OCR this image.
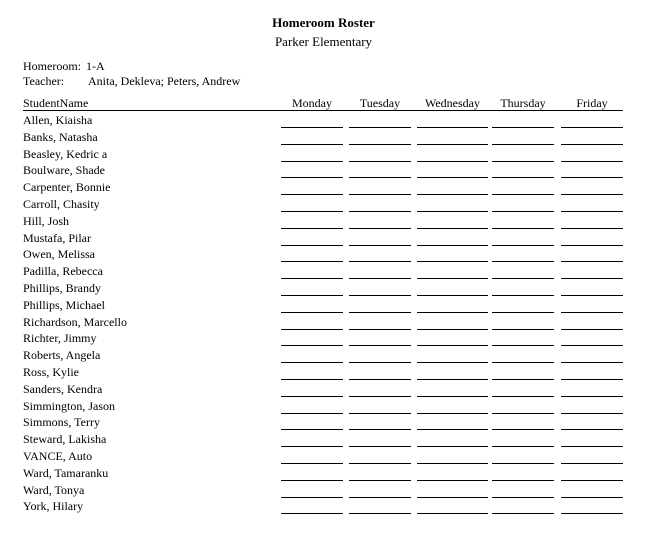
Homeroom Roster
Parker Elementary
Homeroom: 1-A
Teacher: Anita, Dekleva; Peters, Andrew
StudentName	Monday	Tuesday	Wednesday	Thursday	Friday
Allen, Kiaisha
Banks, Natasha
Beasley, Kedric a
Boulware, Shade
Carpenter, Bonnie
Carroll, Chasity
Hill, Josh
Mustafa, Pilar
Owen, Melissa
Padilla, Rebecca
Phillips, Brandy
Phillips, Michael
Richardson, Marcello
Richter, Jimmy
Roberts, Angela
Ross, Kylie
Sanders, Kendra
Simmington, Jason
Simmons, Terry
Steward, Lakisha
VANCE, Auto
Ward, Tamaranku
Ward, Tonya
York, Hilary
